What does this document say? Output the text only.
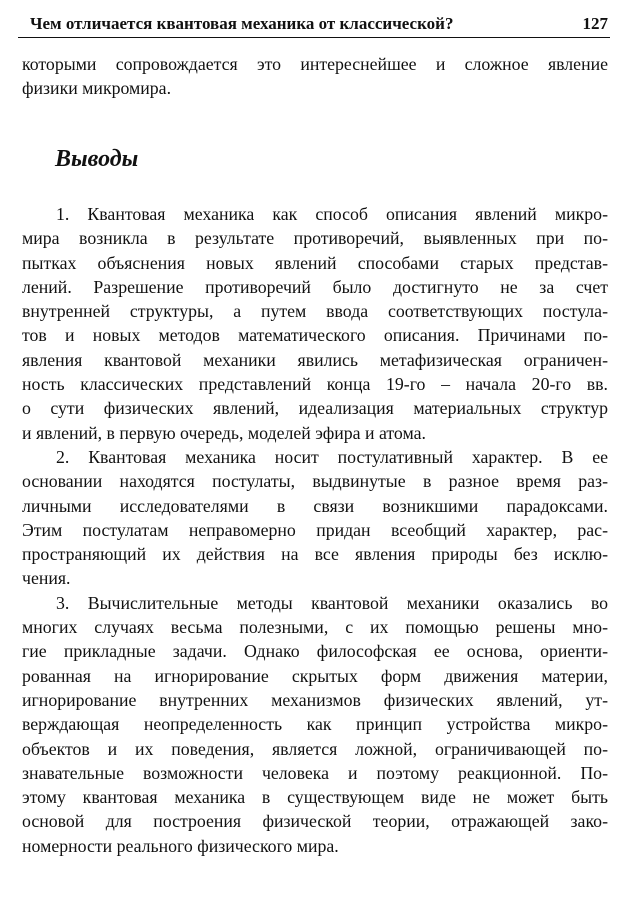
Чем отличается квантовая механика от классической?	127
которыми сопровождается это интереснейшее и сложное явление
физики микромира.
Выводы
1. Квантовая механика как способ описания явлений микро-
мира возникла в результате противоречий, выявленных при по-
пытках объяснения новых явлений способами старых представ-
лений. Разрешение противоречий было достигнуто не за счет
внутренней структуры, а путем ввода соответствующих постула-
тов и новых методов математического описания. Причинами по-
явления квантовой механики явились метафизическая ограничен-
ность классических представлений конца 19-го – начала 20-го вв.
о сути физических явлений, идеализация материальных структур
и явлений, в первую очередь, моделей эфира и атома.
2. Квантовая механика носит постулативный характер. В ее
основании находятся постулаты, выдвинутые в разное время раз-
личными исследователями в связи возникшими парадоксами.
Этим постулатам неправомерно придан всеобщий характер, рас-
пространяющий их действия на все явления природы без исклю-
чения.
3. Вычислительные методы квантовой механики оказались во
многих случаях весьма полезными, с их помощью решены мно-
гие прикладные задачи. Однако философская ее основа, ориенти-
рованная на игнорирование скрытых форм движения материи,
игнорирование внутренних механизмов физических явлений, ут-
верждающая неопределенность как принцип устройства микро-
объектов и их поведения, является ложной, ограничивающей по-
знавательные возможности человека и поэтому реакционной. По-
этому квантовая механика в существующем виде не может быть
основой для построения физической теории, отражающей зако-
номерности реального физического мира.
